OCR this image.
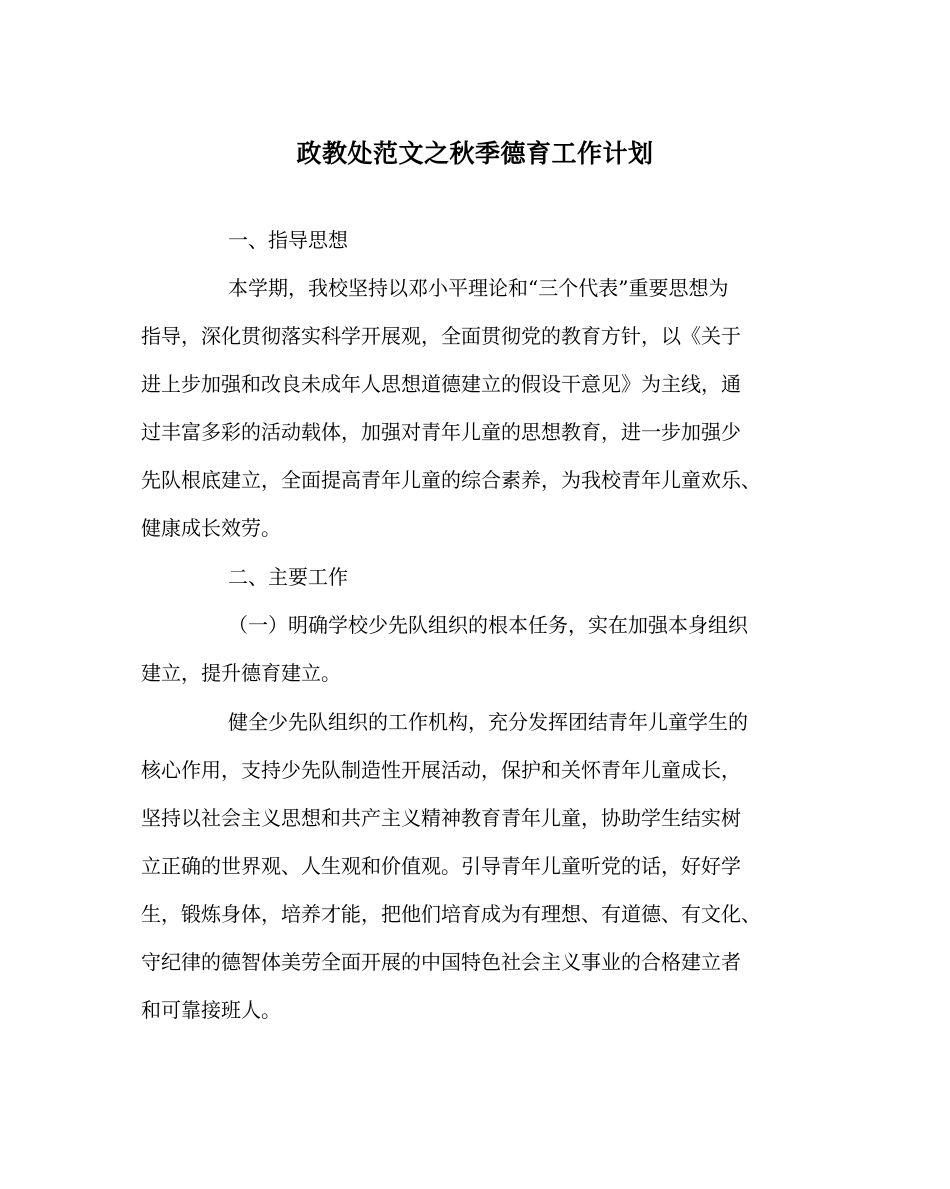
政教处范文之秋季德育工作计划
一、指导思想
本学期，我校坚持以邓小平理论和“三个代表”重要思想为
指导，深化贯彻落实科学开展观，全面贯彻党的教育方针，以《关于
进上步加强和改良未成年人思想道德建立的假设干意见》为主线，通
过丰富多彩的活动载体，加强对青年儿童的思想教育，进一步加强少
先队根底建立，全面提高青年儿童的综合素养，为我校青年儿童欢乐、
健康成长效劳。
二、主要工作
（一）明确学校少先队组织的根本任务，实在加强本身组织
建立，提升德育建立。
健全少先队组织的工作机构，充分发挥团结青年儿童学生的
核心作用，支持少先队制造性开展活动，保护和关怀青年儿童成长，
坚持以社会主义思想和共产主义精神教育青年儿童，协助学生结实树
立正确的世界观、人生观和价值观。引导青年儿童听党的话，好好学
生，锻炼身体，培养才能，把他们培育成为有理想、有道德、有文化、
守纪律的德智体美劳全面开展的中国特色社会主义事业的合格建立者
和可靠接班人。
